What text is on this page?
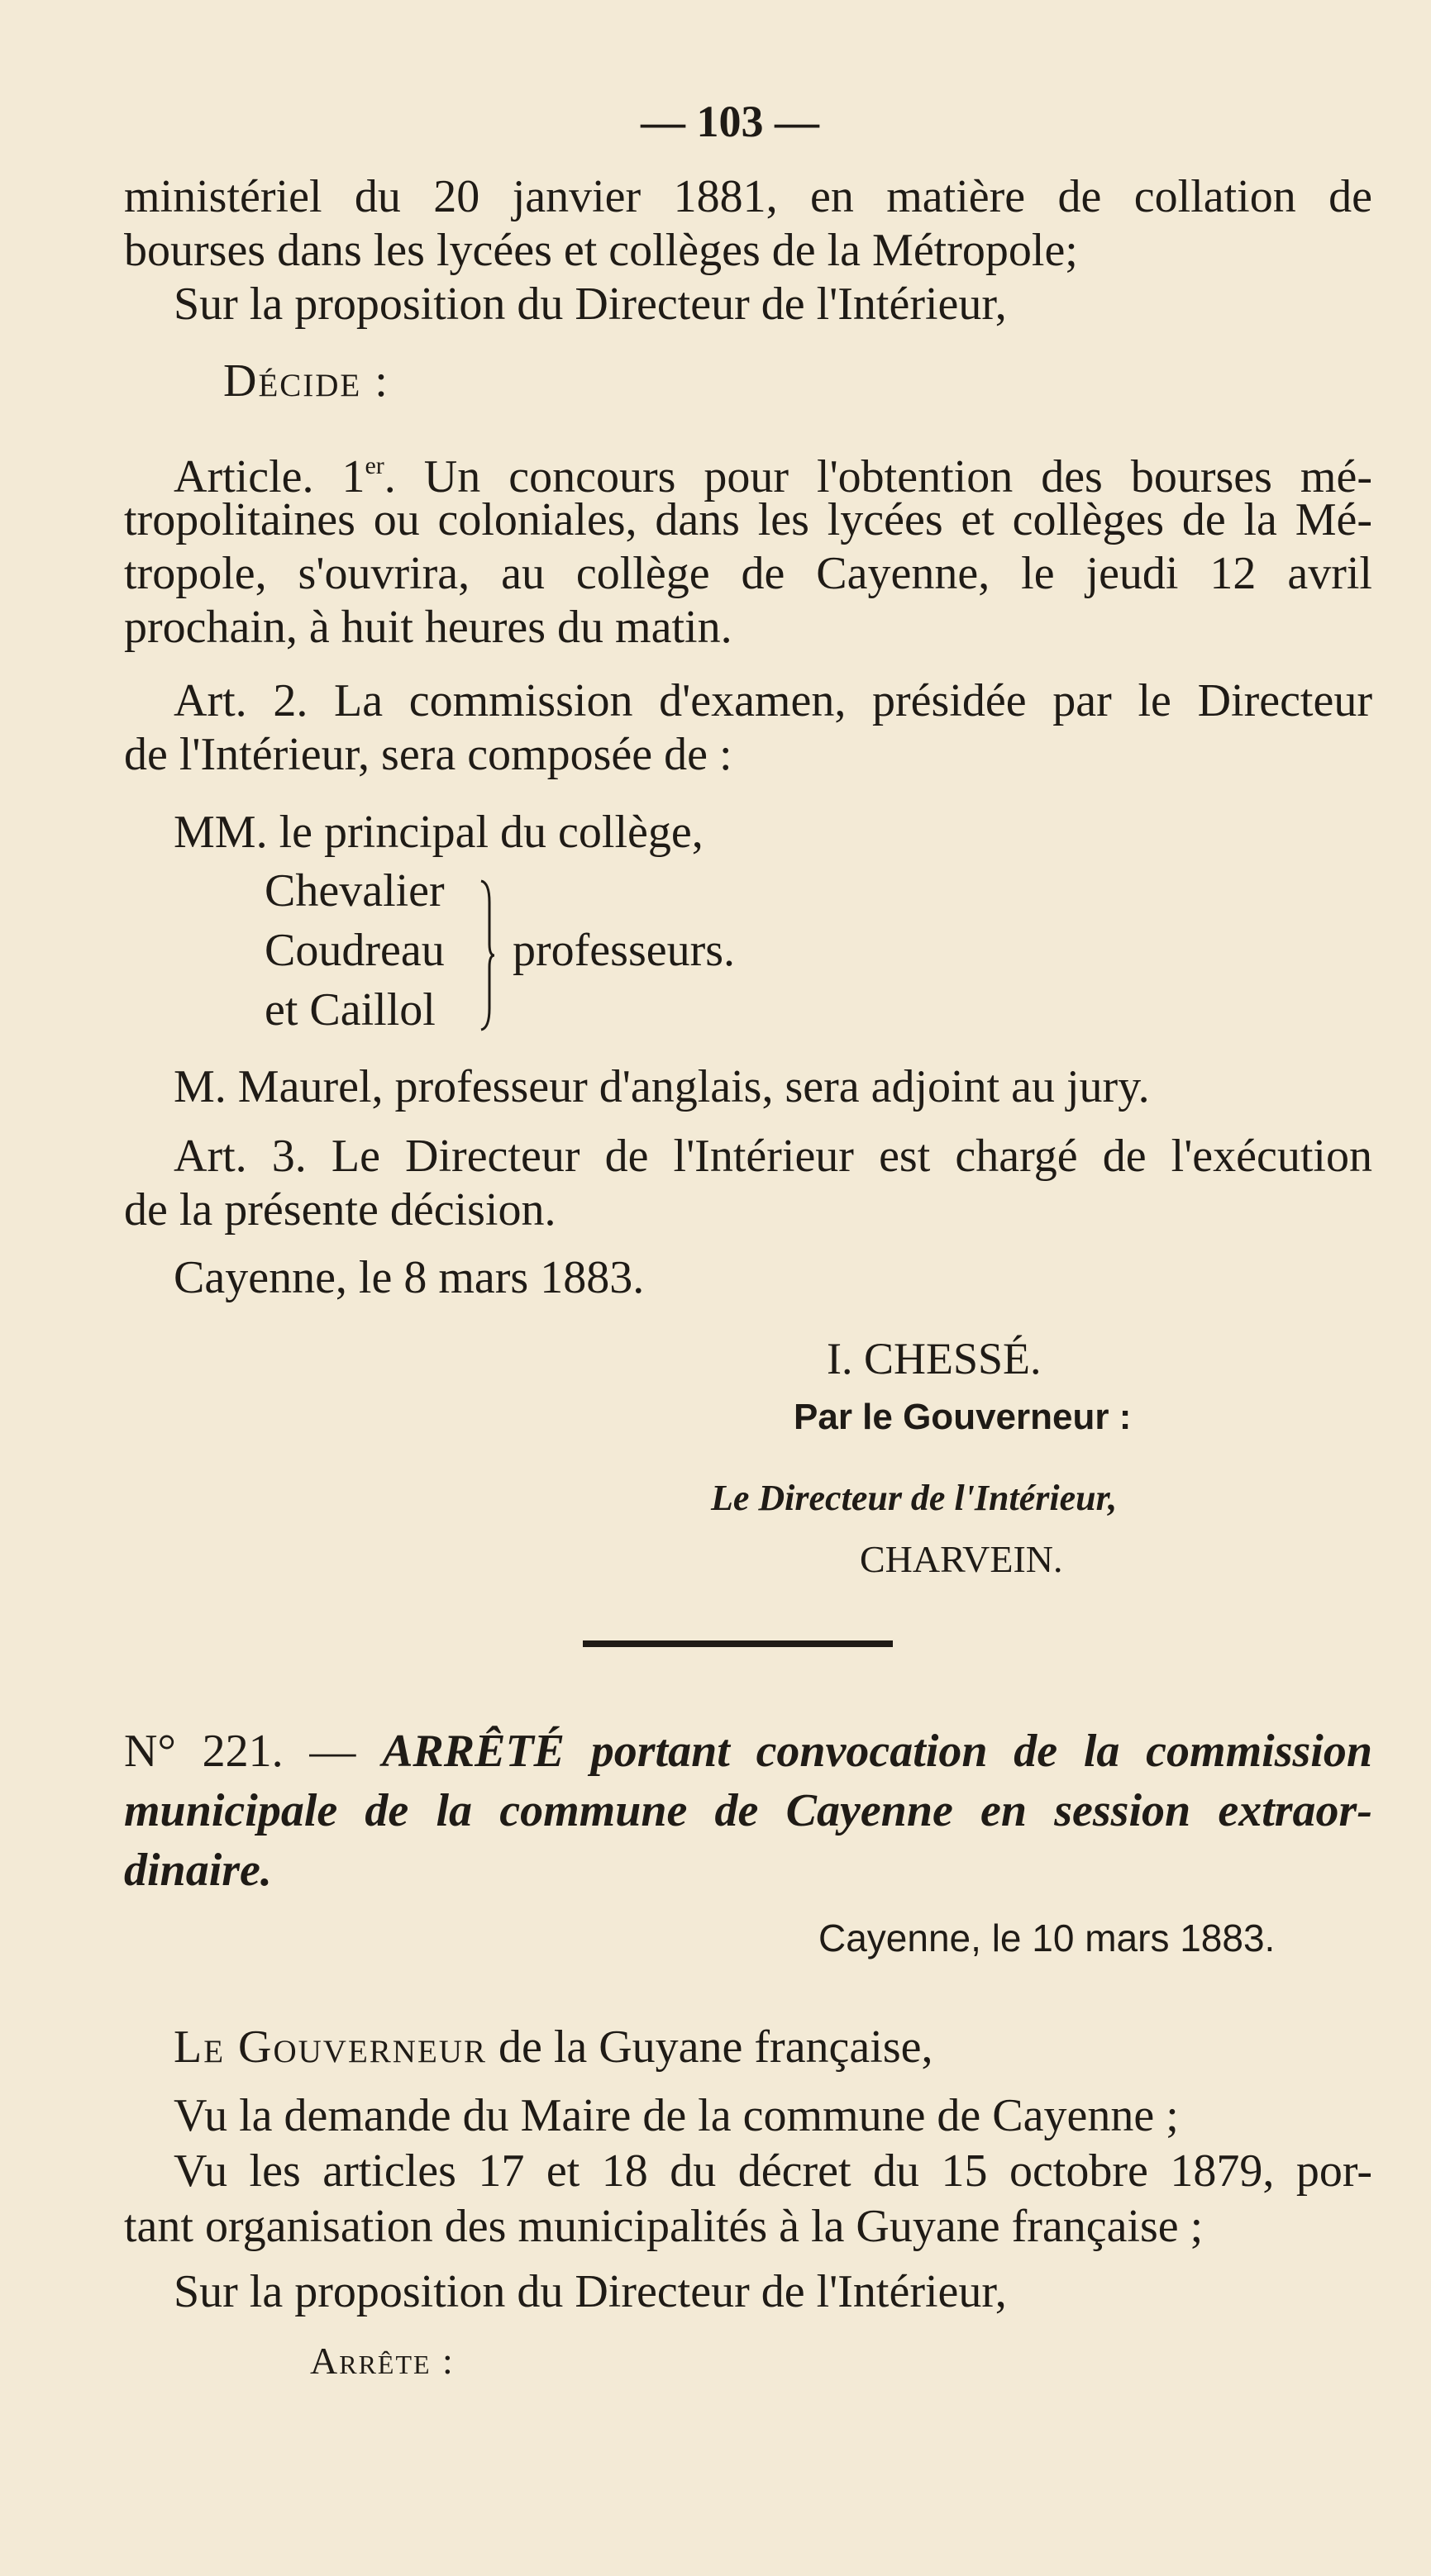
— 103 —
ministériel du 20 janvier 1881, en matière de collation de
bourses dans les lycées et collèges de la Métropole;
Sur la proposition du Directeur de l'Intérieur,
Décide :
Article. 1er. Un concours pour l'obtention des bourses mé-
tropolitaines ou coloniales, dans les lycées et collèges de la Mé-
tropole, s'ouvrira, au collège de Cayenne, le jeudi 12 avril
prochain, à huit heures du matin.
Art. 2. La commission d'examen, présidée par le Directeur
de l'Intérieur, sera composée de :
MM. le principal du collège,
Chevalier
Coudreau professeurs.
et Caillol
M. Maurel, professeur d'anglais, sera adjoint au jury.
Art. 3. Le Directeur de l'Intérieur est chargé de l'exécution
de la présente décision.
Cayenne, le 8 mars 1883.
I. CHESSÉ.
Par le Gouverneur :
Le Directeur de l'Intérieur,
CHARVEIN.
N° 221. — ARRÊTÉ portant convocation de la commission
municipale de la commune de Cayenne en session extraor-
dinaire.
Cayenne, le 10 mars 1883.
Le Gouverneur de la Guyane française,
Vu la demande du Maire de la commune de Cayenne ;
Vu les articles 17 et 18 du décret du 15 octobre 1879, por-
tant organisation des municipalités à la Guyane française ;
Sur la proposition du Directeur de l'Intérieur,
Arrête :
